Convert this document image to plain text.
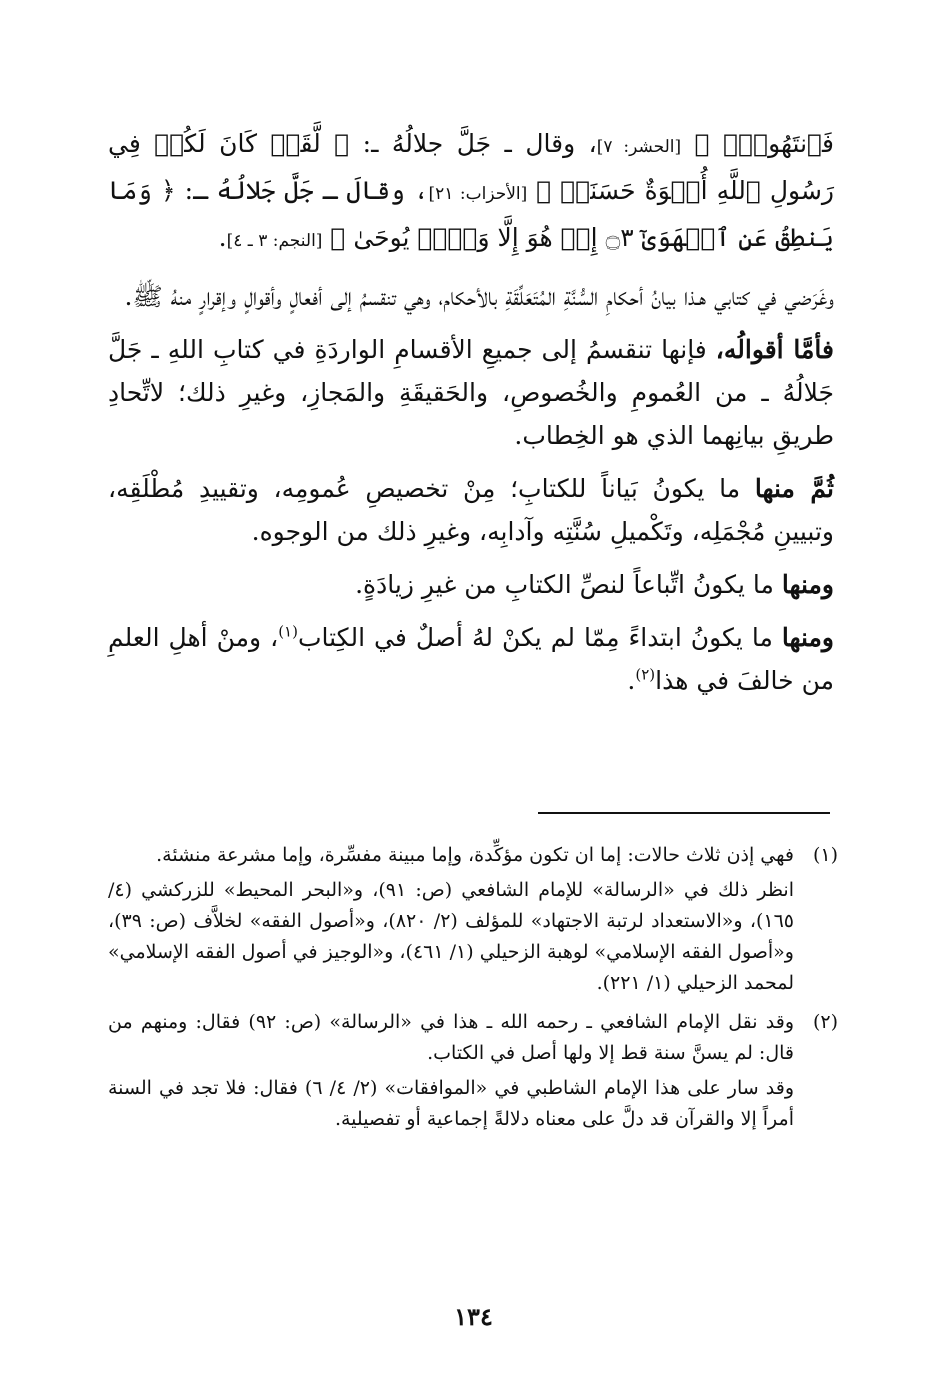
فَٱنتَهُواْۚ ﴾ [الحشر: ٧]، وقال ـ جَلَّ جلالُهُ ـ: ﴿ لَّقَدۡ كَانَ لَكُمۡ فِي رَسُولِ ٱللَّهِ أُسۡوَةٌ حَسَنَةٞ ﴾ [الأحزاب: ٢١]، وقالَ ـ جَلَّ جَلالُهُ ـ: ﴿ وَمَا يَنطِقُ عَنِ ٱلۡهَوَىٰٓ ۝٣ إِنۡ هُوَ إِلَّا وَحۡيٞ يُوحَىٰ ﴾ [النجم: ٣ ـ ٤].

وغَرَضي في كتابي هـذا بيانُ أحكامِ السُّنَّةِ المُتَعَلِّقَةِ بالأحكام، وهي تنقسمُ إلى أفعالٍ وأقوالٍ وإقرارٍ منهُ ﷺ.

فأمَّا أقوالُه، فإنها تنقسمُ إلى جميعِ الأقسامِ الواردَةِ في كتابِ اللهِ ـ جَلَّ جَلالُهُ ـ من العُمومِ والخُصوصِ، والحَقيقَةِ والمَجازِ، وغيرِ ذلك؛ لاتِّحادِ طريقِ بيانِهما الذي هو الخِطاب.

ثُمَّ منها ما يكونُ بَياناً للكتابِ؛ مِنْ تخصيصِ عُمومِه، وتقييدِ مُطْلَقِه، وتبيينِ مُجْمَلِه، وتَكْميلِ سُنَّتِه وآدابِه، وغيرِ ذلك من الوجوه.

ومنها ما يكونُ اتِّباعاً لنصِّ الكتابِ من غيرِ زيادَةٍ.

ومنها ما يكونُ ابتداءً مِمّا لم يكنْ لهُ أصلٌ في الكِتاب$^{(١)}$، ومنْ أهلِ العلمِ من خالفَ في هذا$^{(٢)}$.

(١)

فهي إذن ثلاث حالات: إما ان تكون مؤكِّدة، وإما مبينة مفسِّرة، وإما مشرعة منشئة.

انظر ذلك في «الرسالة» للإمام الشافعي (ص: ٩١)، و«البحر المحيط» للزركشي (٤/ ١٦٥)، و«الاستعداد لرتبة الاجتهاد» للمؤلف (٢/ ٨٢٠)، و«أصول الفقه» لخلاَّف (ص: ٣٩)، و«أصول الفقه الإسلامي» لوهبة الزحيلي (١/ ٤٦١)، و«الوجيز في أصول الفقه الإسلامي» لمحمد الزحيلي (١/ ٢٢١).

(٢)

وقد نقل الإمام الشافعي ـ رحمه الله ـ هذا في «الرسالة» (ص: ٩٢) فقال: ومنهم من قال: لم يسنَّ سنة قط إلا ولها أصل في الكتاب.

وقد سار على هذا الإمام الشاطبي في «الموافقات» (٢/ ٤/ ٦) فقال: فلا تجد في السنة أمراً إلا والقرآن قد دلَّ على معناه دلالةً إجماعية أو تفصيلية.

١٣٤
